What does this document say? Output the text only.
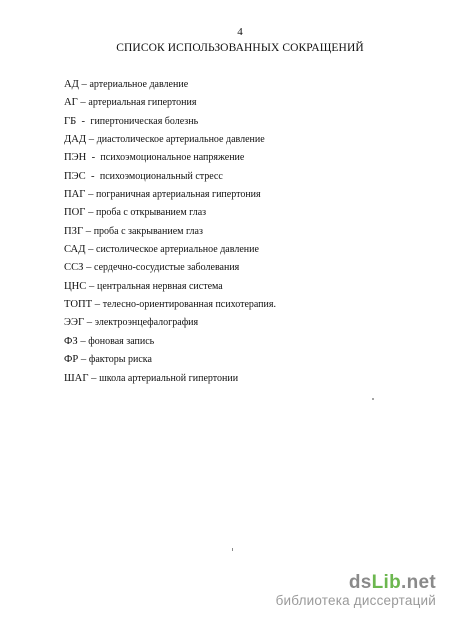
4
СПИСОК ИСПОЛЬЗОВАННЫХ СОКРАЩЕНИЙ
АД – артериальное давление
АГ – артериальная гипертония
ГБ  -  гипертоническая болезнь
ДАД – диастолическое артериальное давление
ПЭН  -  психоэмоциональное напряжение
ПЭС  -  психоэмоциональный стресс
ПАГ – пограничная артериальная гипертония
ПОГ – проба с открыванием глаз
ПЗГ – проба с закрыванием глаз
САД – систолическое артериальное давление
ССЗ – сердечно-сосудистые заболевания
ЦНС – центральная нервная система
ТОПТ – телесно-ориентированная психотерапия.
ЭЭГ – электроэнцефалография
ФЗ – фоновая запись
ФР – факторы риска
ШАГ – школа артериальной гипертонии
dsLib.net
библиотека диссертаций
